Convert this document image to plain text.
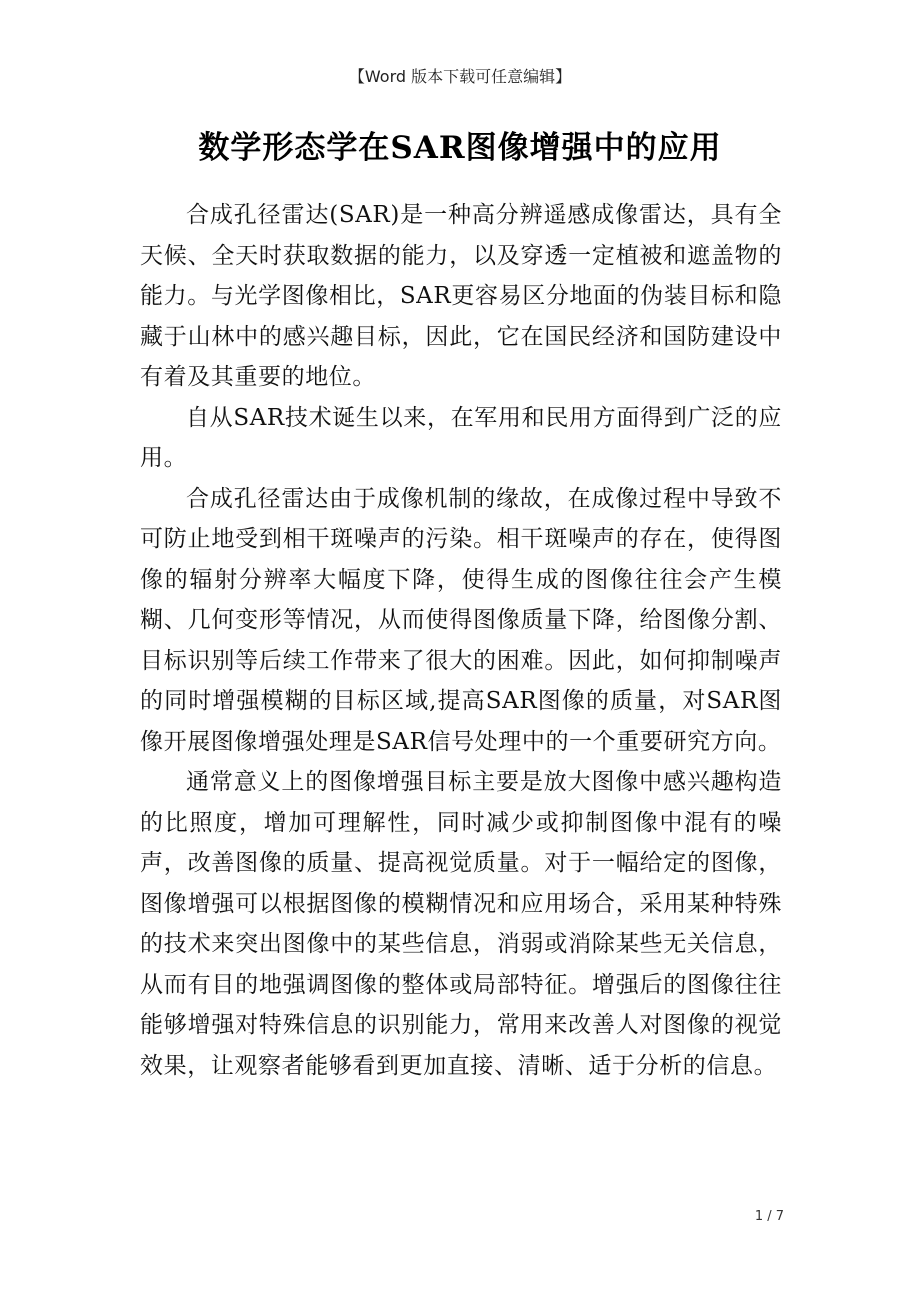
【Word 版本下载可任意编辑】
数学形态学在SAR图像增强中的应用

合成孔径雷达(SAR)是一种高分辨遥感成像雷达，具有全天候、全天时获取数据的能力，以及穿透一定植被和遮盖物的能力。与光学图像相比，SAR更容易区分地面的伪装目标和隐藏于山林中的感兴趣目标，因此，它在国民经济和国防建设中有着及其重要的地位。

自从SAR技术诞生以来，在军用和民用方面得到广泛的应用。

合成孔径雷达由于成像机制的缘故，在成像过程中导致不可防止地受到相干斑噪声的污染。相干斑噪声的存在，使得图像的辐射分辨率大幅度下降，使得生成的图像往往会产生模糊、几何变形等情况，从而使得图像质量下降，给图像分割、目标识别等后续工作带来了很大的困难。因此，如何抑制噪声的同时增强模糊的目标区域,提高SAR图像的质量，对SAR图像开展图像增强处理是SAR信号处理中的一个重要研究方向。

通常意义上的图像增强目标主要是放大图像中感兴趣构造的比照度，增加可理解性，同时减少或抑制图像中混有的噪声，改善图像的质量、提高视觉质量。对于一幅给定的图像，图像增强可以根据图像的模糊情况和应用场合，采用某种特殊的技术来突出图像中的某些信息，消弱或消除某些无关信息，从而有目的地强调图像的整体或局部特征。增强后的图像往往能够增强对特殊信息的识别能力，常用来改善人对图像的视觉效果，让观察者能够看到更加直接、清晰、适于分析的信息。

1 / 7
